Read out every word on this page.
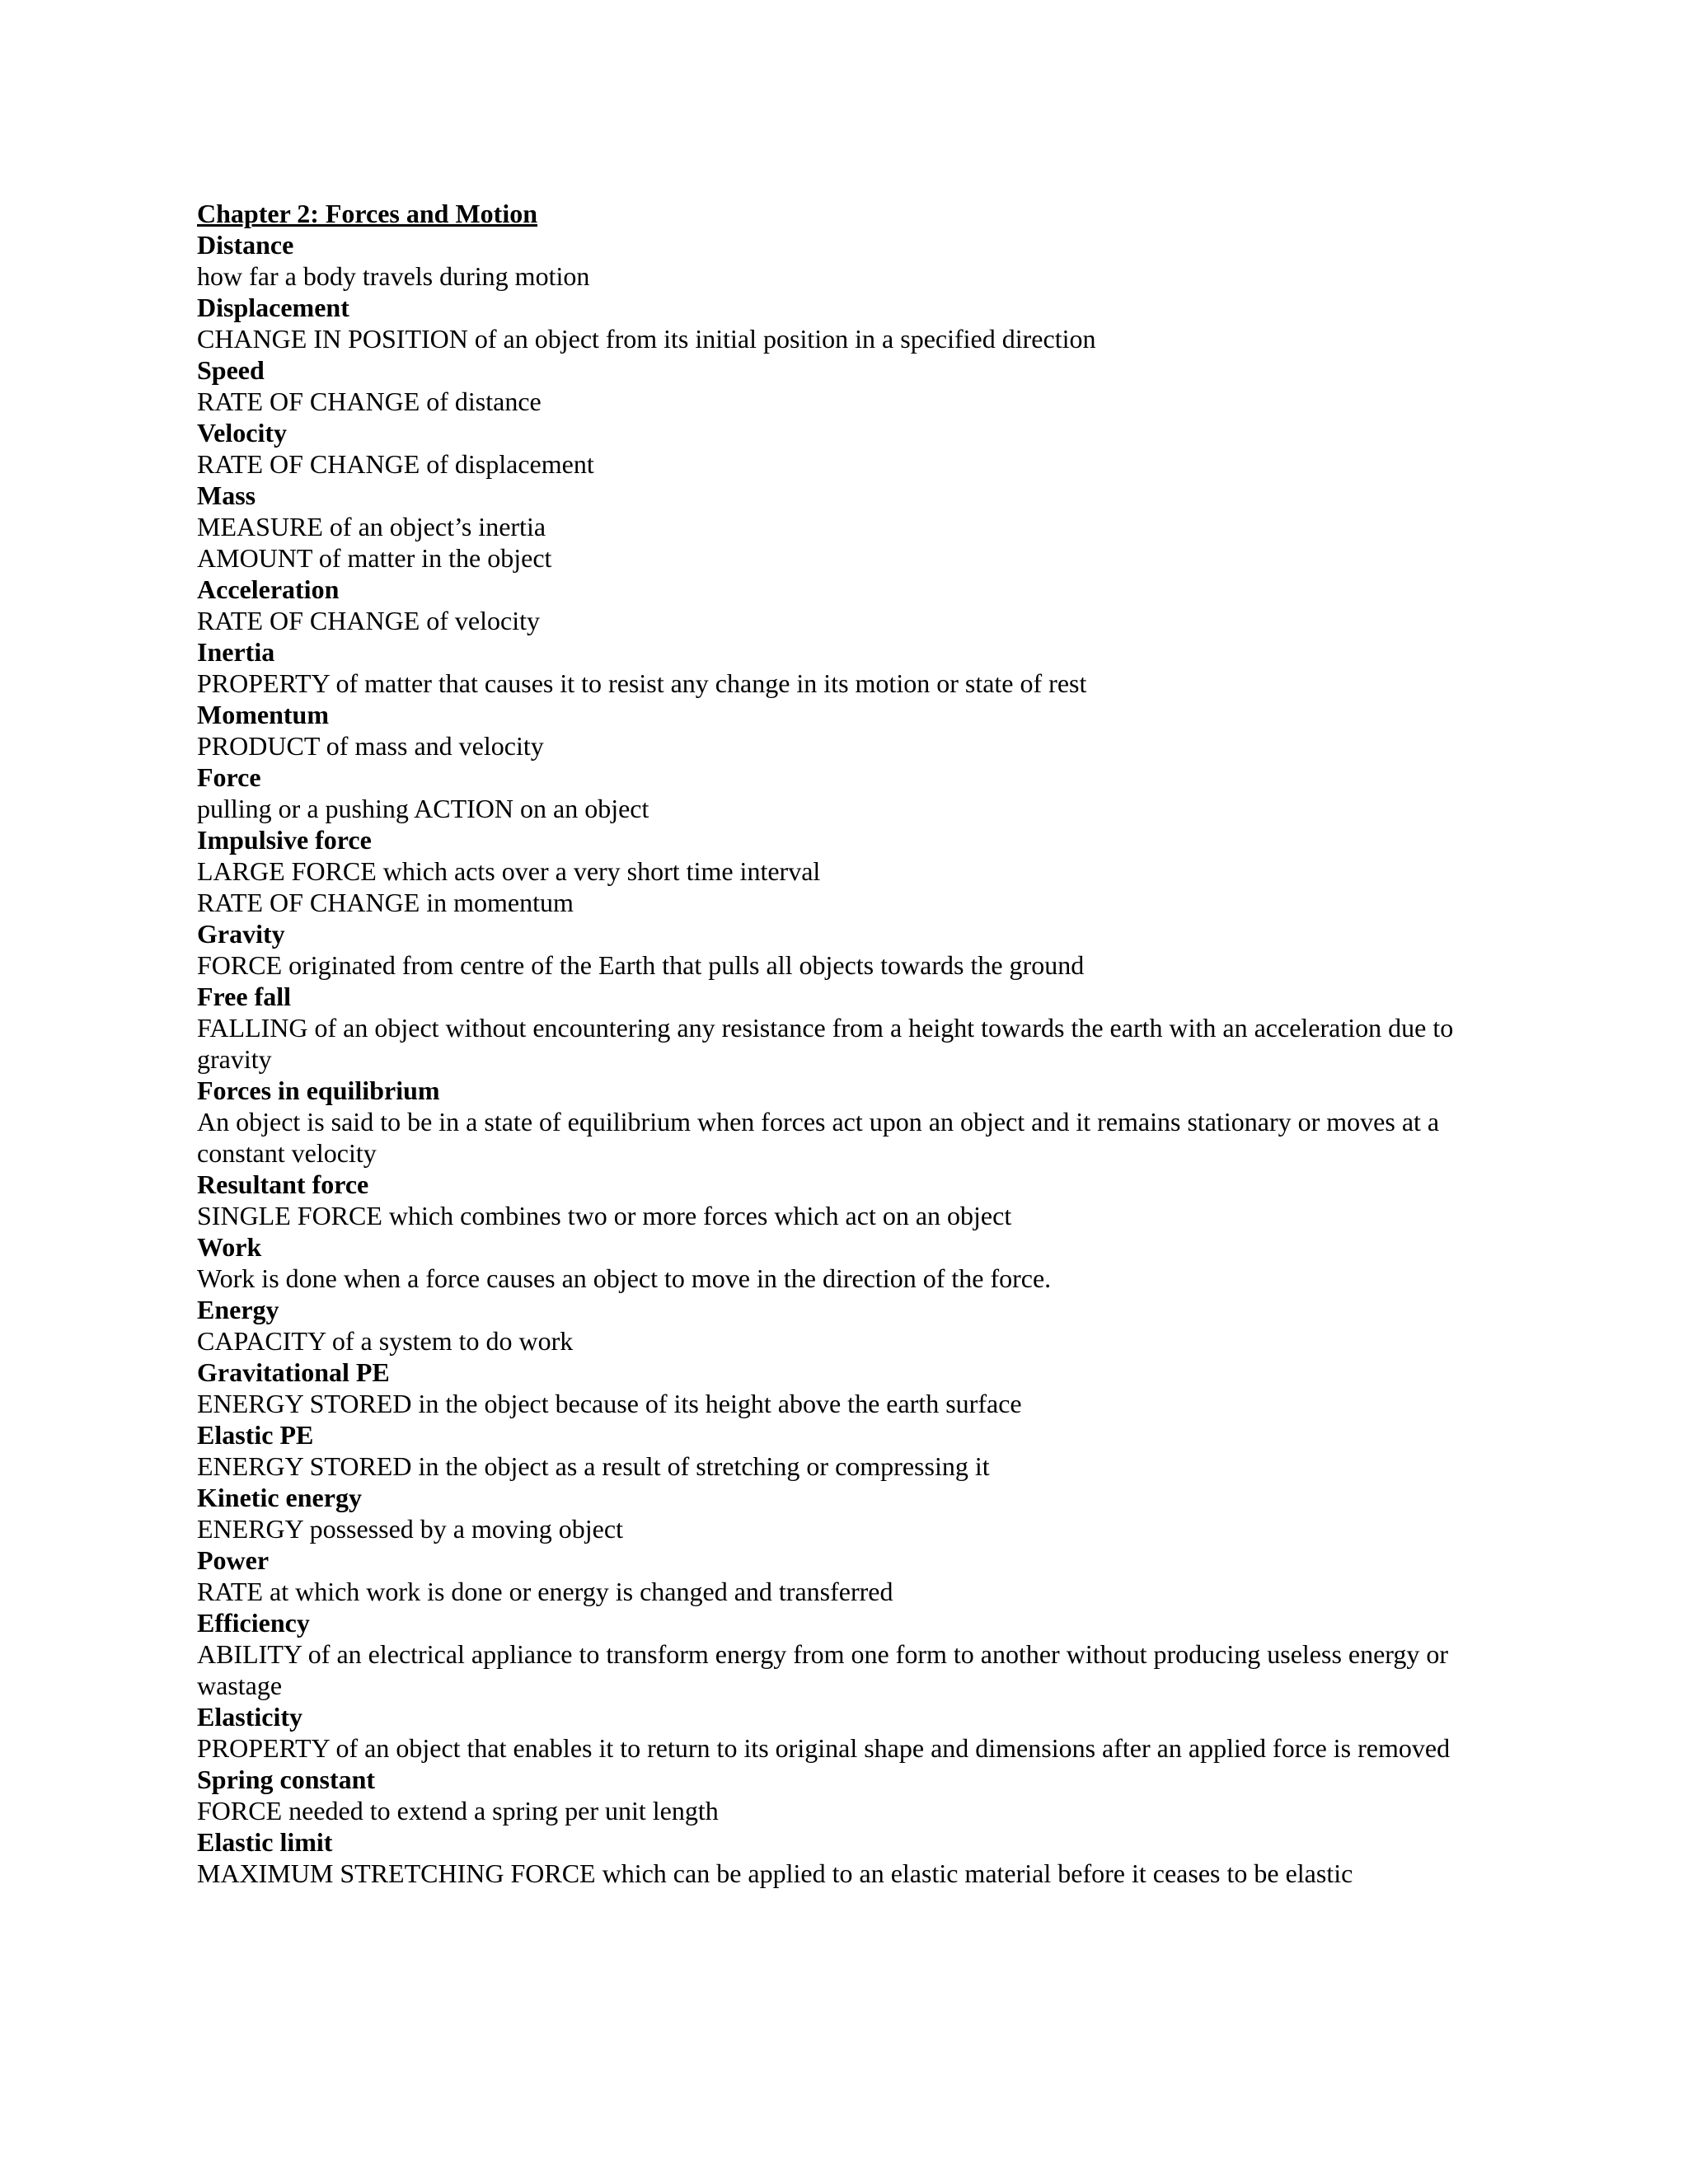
Chapter 2: Forces and Motion
Distance
how far a body travels during motion
Displacement
CHANGE IN POSITION of an object from its initial position in a specified direction
Speed
RATE OF CHANGE of distance
Velocity
RATE OF CHANGE of displacement
Mass
MEASURE of an object’s inertia
AMOUNT of matter in the object
Acceleration
RATE OF CHANGE of velocity
Inertia
PROPERTY of matter that causes it to resist any change in its motion or state of rest
Momentum
PRODUCT of mass and velocity
Force
pulling or a pushing ACTION on an object
Impulsive force
LARGE FORCE which acts over a very short time interval
RATE OF CHANGE in momentum
Gravity
FORCE originated from centre of the Earth that pulls all objects towards the ground
Free fall
FALLING of an object without encountering any resistance from a height towards the earth with an acceleration due to gravity
Forces in equilibrium
An object is said to be in a state of equilibrium when forces act upon an object and it remains stationary or moves at a constant velocity
Resultant force
SINGLE FORCE which combines two or more forces which act on an object
Work
Work is done when a force causes an object to move in the direction of the force.
Energy
CAPACITY of a system to do work
Gravitational PE
ENERGY STORED in the object because of its height above the earth surface
Elastic PE
ENERGY STORED in the object as a result of stretching or compressing it
Kinetic energy
ENERGY possessed by a moving object
Power
RATE at which work is done or energy is changed and transferred
Efficiency
ABILITY of an electrical appliance to transform energy from one form to another without producing useless energy or wastage
Elasticity
PROPERTY of an object that enables it to return to its original shape and dimensions after an applied force is removed
Spring constant
FORCE needed to extend a spring per unit length
Elastic limit
MAXIMUM STRETCHING FORCE which can be applied to an elastic material before it ceases to be elastic
